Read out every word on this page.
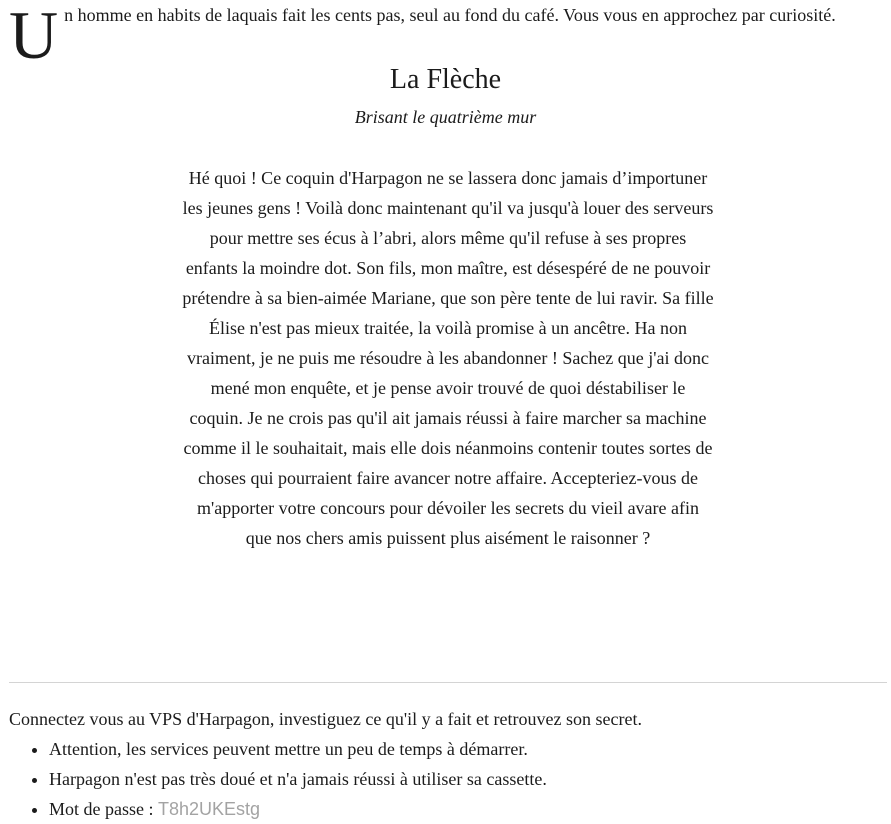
Un homme en habits de laquais fait les cents pas, seul au fond du café. Vous vous en approchez par curiosité.
La Flèche
Brisant le quatrième mur

Hé quoi ! Ce coquin d'Harpagon ne se lassera donc jamais d’importuner les jeunes gens ! Voilà donc maintenant qu'il va jusqu'à louer des serveurs pour mettre ses écus à l’abri, alors même qu'il refuse à ses propres enfants la moindre dot. Son fils, mon maître, est désespéré de ne pouvoir prétendre à sa bien-aimée Mariane, que son père tente de lui ravir. Sa fille Élise n'est pas mieux traitée, la voilà promise à un ancêtre. Ha non vraiment, je ne puis me résoudre à les abandonner ! Sachez que j'ai donc mené mon enquête, et je pense avoir trouvé de quoi déstabiliser le coquin. Je ne crois pas qu'il ait jamais réussi à faire marcher sa machine comme il le souhaitait, mais elle dois néanmoins contenir toutes sortes de choses qui pourraient faire avancer notre affaire. Accepteriez-vous de m'apporter votre concours pour dévoiler les secrets du vieil avare afin que nos chers amis puissent plus aisément le raisonner ?

Connectez vous au VPS d'Harpagon, investiguez ce qu'il y a fait et retrouvez son secret.

• Attention, les services peuvent mettre un peu de temps à démarrer.
• Harpagon n'est pas très doué et n'a jamais réussi à utiliser sa cassette.
• Mot de passe : T8h2UKEstg
